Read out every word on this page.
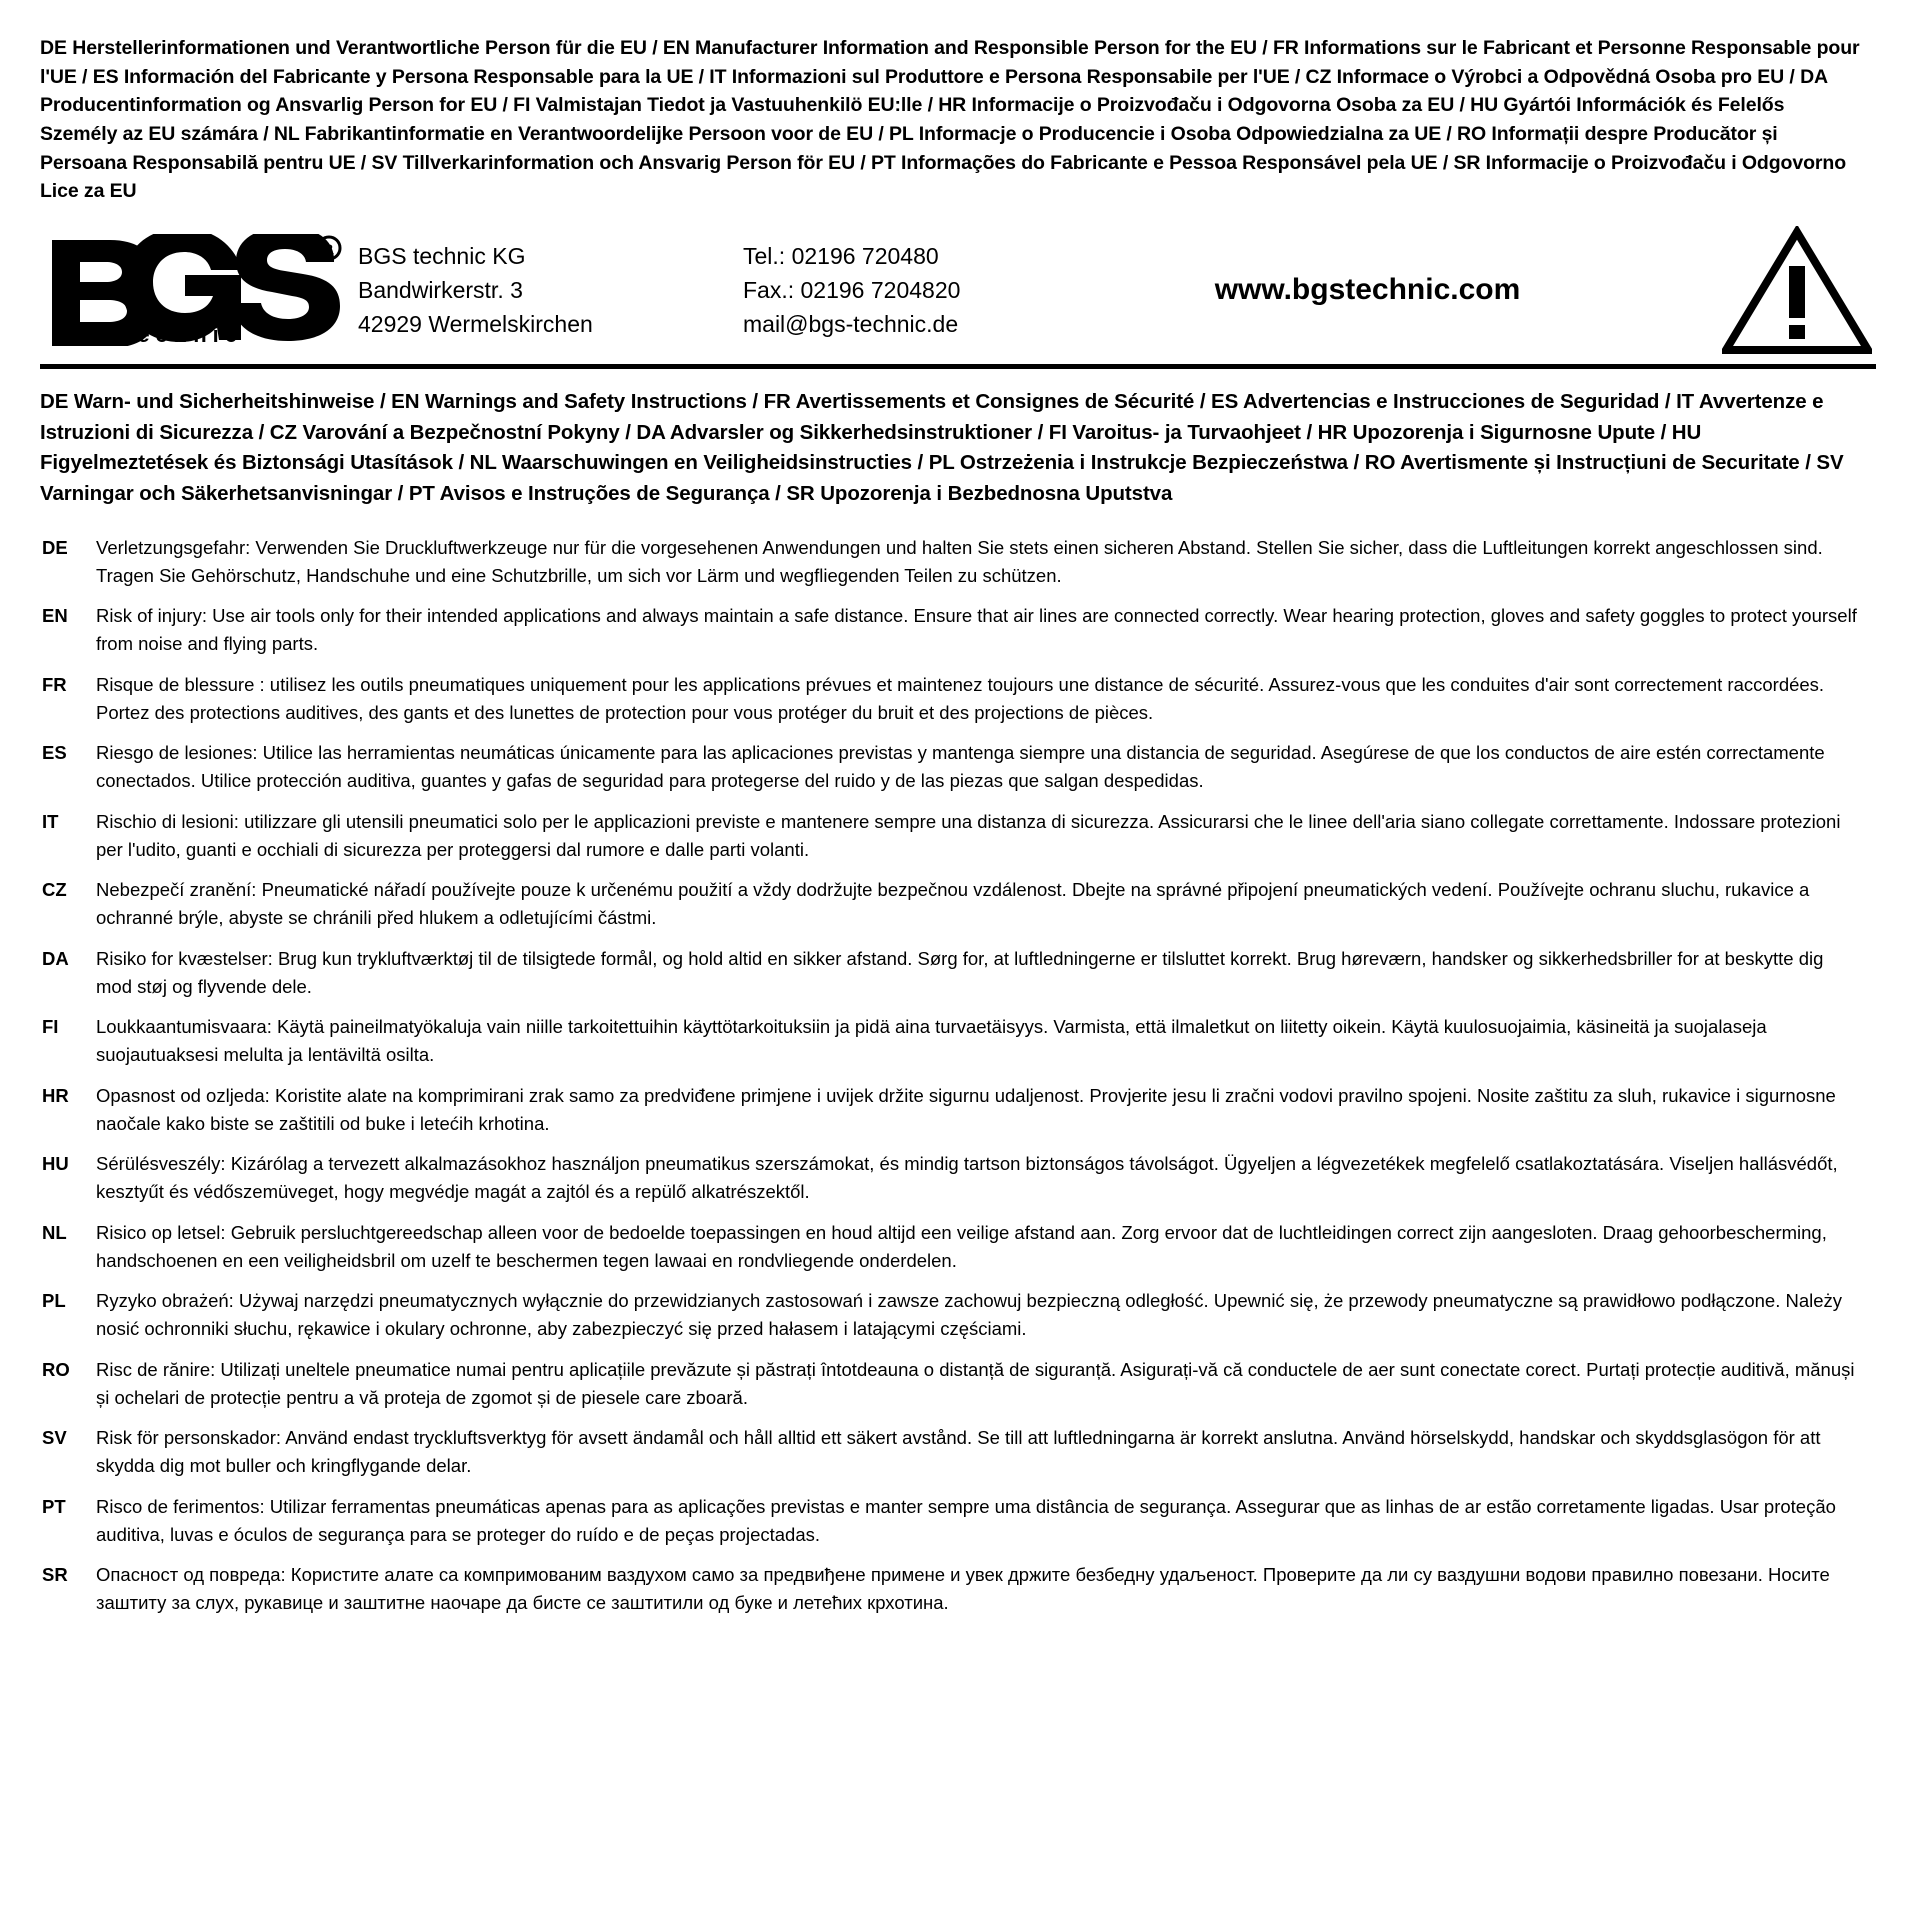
DE Herstellerinformationen und Verantwortliche Person für die EU / EN Manufacturer Information and Responsible Person for the EU / FR Informations sur le Fabricant et Personne Responsable pour l'UE / ES Información del Fabricante y Persona Responsable para la UE / IT Informazioni sul Produttore e Persona Responsabile per l'UE / CZ Informace o Výrobci a Odpovědná Osoba pro EU / DA Producentinformation og Ansvarlig Person for EU / FI Valmistajan Tiedot ja Vastuuhenkilö EU:lle / HR Informacije o Proizvođaču i Odgovorna Osoba za EU / HU Gyártói Információk és Felelős Személy az EU számára / NL Fabrikantinformatie en Verantwoordelijke Persoon voor de EU / PL Informacje o Producencie i Osoba Odpowiedzialna za UE / RO Informații despre Producător și Persoana Responsabilă pentru UE / SV Tillverkarinformation och Ansvarig Person för EU / PT Informações do Fabricante e Pessoa Responsável pela UE / SR Informacije o Proizvođaču i Odgovorno Lice za EU
R
technic
BGS technic KG
Bandwirkerstr. 3
42929 Wermelskirchen
Tel.: 02196 720480
Fax.: 02196 7204820
mail@bgs-technic.de
www.bgstechnic.com
DE Warn- und Sicherheitshinweise / EN Warnings and Safety Instructions / FR Avertissements et Consignes de Sécurité / ES Advertencias e Instrucciones de Seguridad / IT Avvertenze e Istruzioni di Sicurezza / CZ Varování a Bezpečnostní Pokyny / DA Advarsler og Sikkerhedsinstruktioner / FI Varoitus- ja Turvaohjeet / HR Upozorenja i Sigurnosne Upute / HU Figyelmeztetések és Biztonsági Utasítások / NL Waarschuwingen en Veiligheidsinstructies / PL Ostrzeżenia i Instrukcje Bezpieczeństwa / RO Avertismente și Instrucțiuni de Securitate / SV Varningar och Säkerhetsanvisningar / PT Avisos e Instruções de Segurança / SR Upozorenja i Bezbednosna Uputstva
DE	Verletzungsgefahr: Verwenden Sie Druckluftwerkzeuge nur für die vorgesehenen Anwendungen und halten Sie stets einen sicheren Abstand. Stellen Sie sicher, dass die Luftleitungen korrekt angeschlossen sind. Tragen Sie Gehörschutz, Handschuhe und eine Schutzbrille, um sich vor Lärm und wegfliegenden Teilen zu schützen.
EN	Risk of injury: Use air tools only for their intended applications and always maintain a safe distance. Ensure that air lines are connected correctly. Wear hearing protection, gloves and safety goggles to protect yourself from noise and flying parts.
FR	Risque de blessure : utilisez les outils pneumatiques uniquement pour les applications prévues et maintenez toujours une distance de sécurité. Assurez-vous que les conduites d'air sont correctement raccordées. Portez des protections auditives, des gants et des lunettes de protection pour vous protéger du bruit et des projections de pièces.
ES	Riesgo de lesiones: Utilice las herramientas neumáticas únicamente para las aplicaciones previstas y mantenga siempre una distancia de seguridad. Asegúrese de que los conductos de aire estén correctamente conectados. Utilice protección auditiva, guantes y gafas de seguridad para protegerse del ruido y de las piezas que salgan despedidas.
IT	Rischio di lesioni: utilizzare gli utensili pneumatici solo per le applicazioni previste e mantenere sempre una distanza di sicurezza. Assicurarsi che le linee dell'aria siano collegate correttamente. Indossare protezioni per l'udito, guanti e occhiali di sicurezza per proteggersi dal rumore e dalle parti volanti.
CZ	Nebezpečí zranění: Pneumatické nářadí používejte pouze k určenému použití a vždy dodržujte bezpečnou vzdálenost. Dbejte na správné připojení pneumatických vedení. Používejte ochranu sluchu, rukavice a ochranné brýle, abyste se chránili před hlukem a odletujícími částmi.
DA	Risiko for kvæstelser: Brug kun trykluftværktøj til de tilsigtede formål, og hold altid en sikker afstand. Sørg for, at luftledningerne er tilsluttet korrekt. Brug høreværn, handsker og sikkerhedsbriller for at beskytte dig mod støj og flyvende dele.
FI	Loukkaantumisvaara: Käytä paineilmatyökaluja vain niille tarkoitettuihin käyttötarkoituksiin ja pidä aina turvaetäisyys. Varmista, että ilmaletkut on liitetty oikein. Käytä kuulosuojaimia, käsineitä ja suojalaseja suojautuaksesi melulta ja lentäviltä osilta.
HR	Opasnost od ozljeda: Koristite alate na komprimirani zrak samo za predviđene primjene i uvijek držite sigurnu udaljenost. Provjerite jesu li zračni vodovi pravilno spojeni. Nosite zaštitu za sluh, rukavice i sigurnosne naočale kako biste se zaštitili od buke i letećih krhotina.
HU	Sérülésveszély: Kizárólag a tervezett alkalmazásokhoz használjon pneumatikus szerszámokat, és mindig tartson biztonságos távolságot. Ügyeljen a légvezetékek megfelelő csatlakoztatására. Viseljen hallásvédőt, kesztyűt és védőszemüveget, hogy megvédje magát a zajtól és a repülő alkatrészektől.
NL	Risico op letsel: Gebruik persluchtgereedschap alleen voor de bedoelde toepassingen en houd altijd een veilige afstand aan. Zorg ervoor dat de luchtleidingen correct zijn aangesloten. Draag gehoorbescherming, handschoenen en een veiligheidsbril om uzelf te beschermen tegen lawaai en rondvliegende onderdelen.
PL	Ryzyko obrażeń: Używaj narzędzi pneumatycznych wyłącznie do przewidzianych zastosowań i zawsze zachowuj bezpieczną odległość. Upewnić się, że przewody pneumatyczne są prawidłowo podłączone. Należy nosić ochronniki słuchu, rękawice i okulary ochronne, aby zabezpieczyć się przed hałasem i latającymi częściami.
RO	Risc de rănire: Utilizați uneltele pneumatice numai pentru aplicațiile prevăzute și păstrați întotdeauna o distanță de siguranță. Asigurați-vă că conductele de aer sunt conectate corect. Purtați protecție auditivă, mănuși și ochelari de protecție pentru a vă proteja de zgomot și de piesele care zboară.
SV	Risk för personskador: Använd endast tryckluftsverktyg för avsett ändamål och håll alltid ett säkert avstånd. Se till att luftledningarna är korrekt anslutna. Använd hörselskydd, handskar och skyddsglasögon för att skydda dig mot buller och kringflygande delar.
PT	Risco de ferimentos: Utilizar ferramentas pneumáticas apenas para as aplicações previstas e manter sempre uma distância de segurança. Assegurar que as linhas de ar estão corretamente ligadas. Usar proteção auditiva, luvas e óculos de segurança para se proteger do ruído e de peças projectadas.
SR	Опасност од повреда: Користите алате са компримованим ваздухом само за предвиђене примене и увек држите безбедну удаљеност. Проверите да ли су ваздушни водови правилно повезани. Носите заштиту за слух, рукавице и заштитне наочаре да бисте се заштитили од буке и летећих крхотина.
